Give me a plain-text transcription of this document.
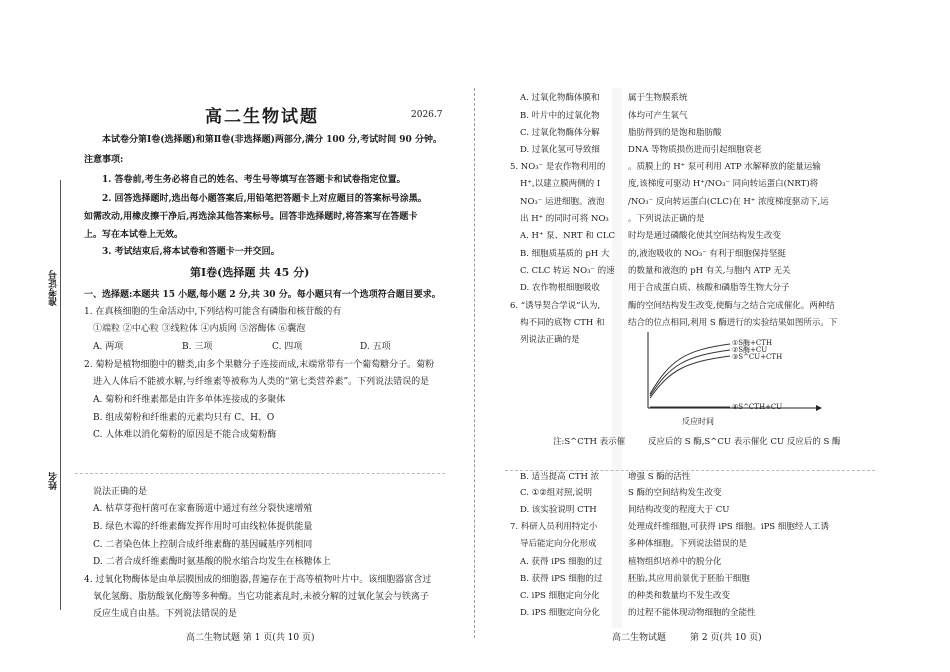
准考证号
姓名
高二生物试题	2026.7
本试卷分第Ⅰ卷(选择题)和第Ⅱ卷(非选择题)两部分,满分 100 分,考试时间 90 分钟。
注意事项:
1. 答卷前,考生务必将自己的姓名、考生号等填写在答题卡和试卷指定位置。
2. 回答选择题时,选出每小题答案后,用铅笔把答题卡上对应题目的答案标号涂黑。
如需改动,用橡皮擦干净后,再选涂其他答案标号。回答非选择题时,将答案写在答题卡
上。写在本试卷上无效。
3. 考试结束后,将本试卷和答题卡一并交回。
第Ⅰ卷(选择题 共 45 分)
一、选择题:本题共 15 小题,每小题 2 分,共 30 分。每小题只有一个选项符合题目要求。
1. 在真核细胞的生命活动中,下列结构可能含有磷脂和核苷酸的有
①端粒 ②中心粒 ③线粒体 ④内质网 ⑤溶酶体 ⑥囊泡
A. 两项	B. 三项	C. 四项	D. 五项
2. 菊粉是植物细胞中的糖类,由多个果糖分子连接而成,末端常带有一个葡萄糖分子。菊粉
进入人体后不能被水解,与纤维素等被称为人类的“第七类营养素”。下列说法错误的是
A. 菊粉和纤维素都是由许多单体连接成的多聚体
B. 组成菊粉和纤维素的元素均只有 C、H、O
C. 人体难以消化菊粉的原因是不能合成菊粉酶
说法正确的是
A. 枯草芽孢杆菌可在家畜肠道中通过有丝分裂快速增殖
B. 绿色木霉的纤维素酶发挥作用时可由线粒体提供能量
C. 二者染色体上控制合成纤维素酶的基因碱基序列相同
D. 二者合成纤维素酶时氨基酸的脱水缩合均发生在核糖体上
4. 过氧化物酶体是由单层膜围成的细胞器,普遍存在于高等植物叶片中。该细胞器富含过
氧化氢酶、脂肪酸氧化酶等多种酶。当它功能紊乱时,未被分解的过氧化氢会与铁离子
反应生成自由基。下列说法错误的是
高二生物试题 第 1 页(共 10 页)
A. 过氧化物酶体膜和	属于生物膜系统
B. 叶片中的过氧化物	体均可产生氧气
C. 过氧化物酶体分解	脂肪得到的是饱和脂肪酸
D. 过氧化氢可导致细	DNA 等物质损伤进而引起细胞衰老
5. NO₃⁻ 是农作物利用的	。质膜上的 H⁺ 泵可利用 ATP 水解释放的能量运输
H⁺,以建立膜两侧的 I	度,该梯度可驱动 H⁺/NO₃⁻ 同向转运蛋白(NRT)将
NO₃⁻ 运进细胞。液泡	/NO₃⁻ 反向转运蛋白(CLC)在 H⁺ 浓度梯度驱动下,运
出 H⁺ 的同时可将 NO₃ 。下列说法正确的是
A. H⁺ 泵、NRT 和 CLC 时均是通过磷酸化使其空间结构发生改变
B. 细胞质基质的 pH 大 的,液泡吸收的 NO₃⁻ 有利于细胞保持坚挺
C. CLC 转运 NO₃⁻ 的速 的数量和液泡的 pH 有关,与胞内 ATP 无关
D. 农作物根细胞吸收	用于合成蛋白质、核酸和磷脂等生物大分子
6. “诱导契合学说”认为,	酶的空间结构发生改变,使酶与之结合完成催化。两种结
构不同的底物 CTH 和	结合的位点相同,利用 S 酶进行的实验结果如图所示。下
列说法正确的是	①S酶+CTH
②S酶+CU
③S^CU+CTH
④S^CTH+CU
反应时间
注:S^CTH 表示催	反应后的 S 酶,S^CU 表示催化 CU 反应后的 S 酶
B. 适当提高 CTH 浓	增强 S 酶的活性
C. ①②组对照,说明	S 酶的空间结构发生改变
D. 该实验说明 CTH	间结构改变的程度大于 CU
7. 科研人员利用特定小	处理成纤维细胞,可获得 iPS 细胞。iPS 细胞经人工诱
导后能定向分化形成	多种体细胞。下列说法错误的是
A. 获得 iPS 细胞的过	植物组织培养中的脱分化
B. 获得 iPS 细胞的过	胚胎,其应用前景优于胚胎干细胞
C. iPS 细胞定向分化	的种类和数量均不发生改变
D. iPS 细胞定向分化	的过程不能体现动物细胞的全能性
高二生物试题	第 2 页(共 10 页)
